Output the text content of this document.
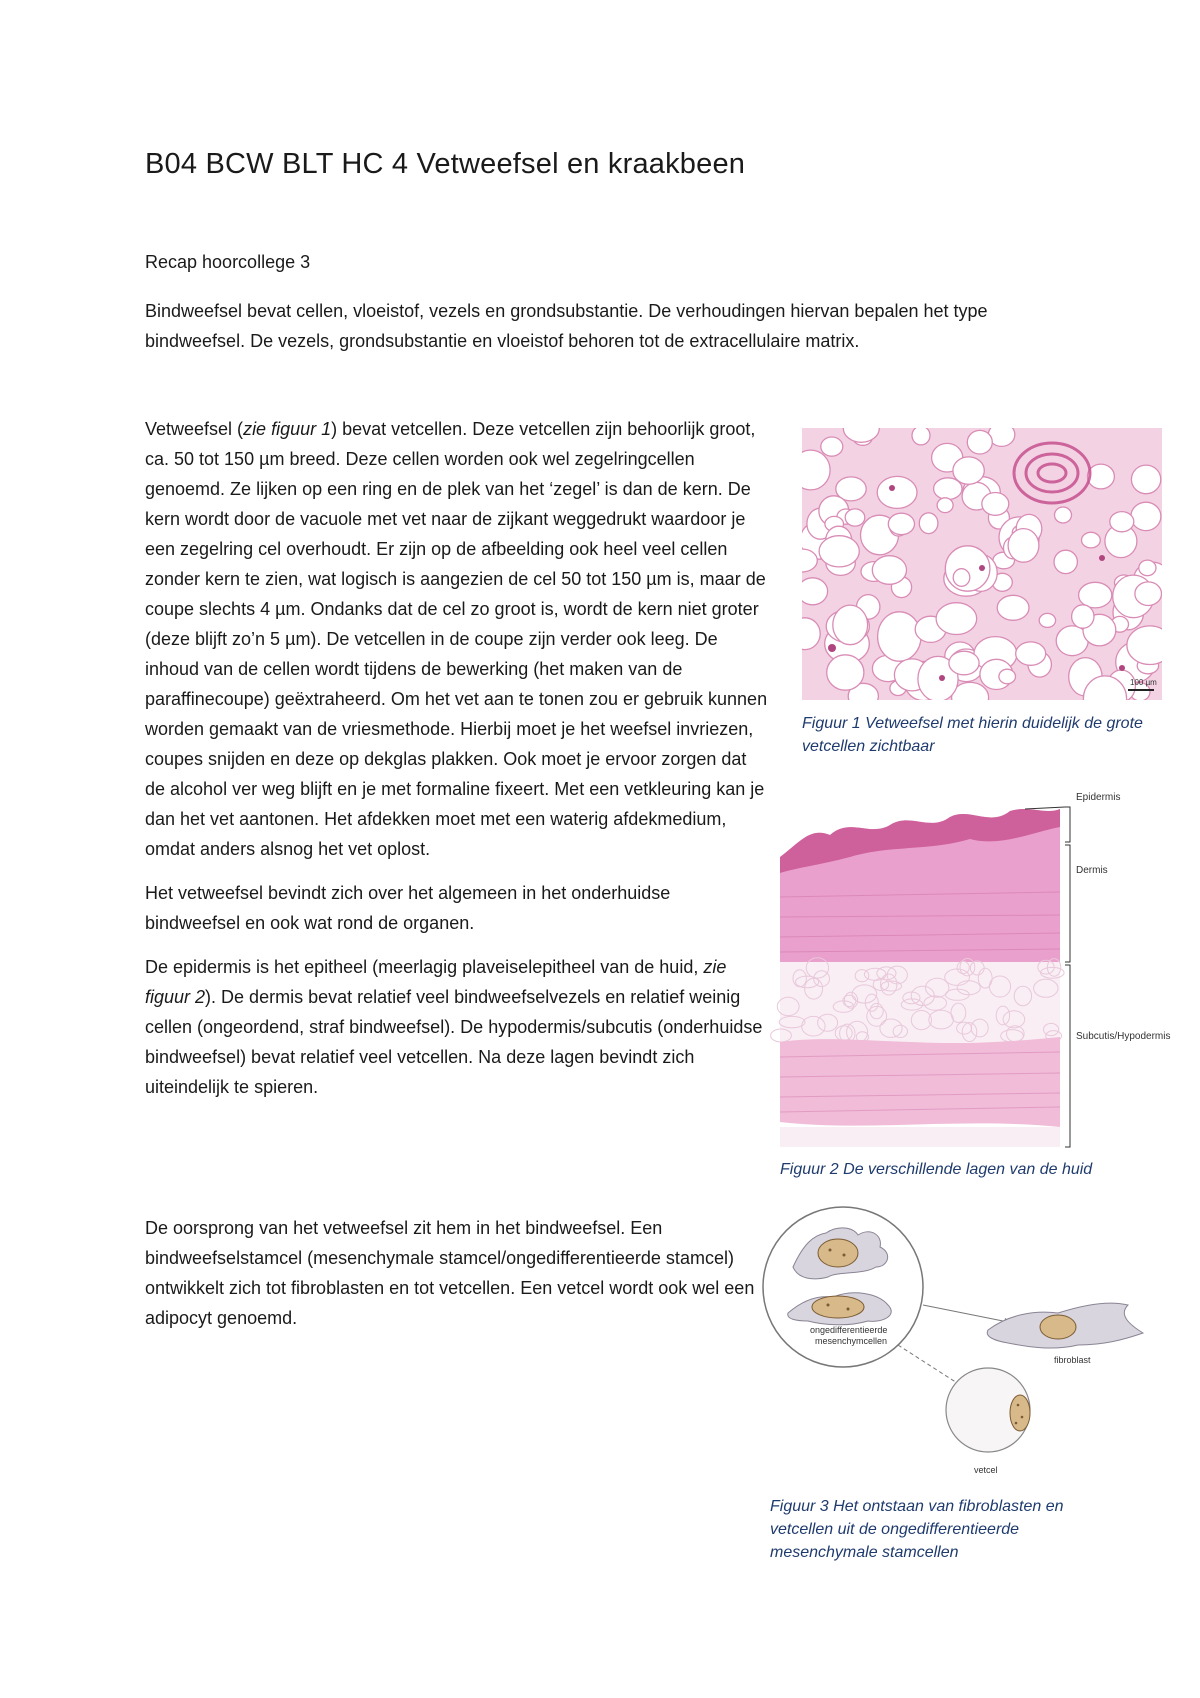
B04 BCW BLT HC 4 Vetweefsel en kraakbeen
Recap hoorcollege 3

Bindweefsel bevat cellen, vloeistof, vezels en grondsubstantie. De verhoudingen hiervan bepalen het type bindweefsel. De vezels, grondsubstantie en vloeistof behoren tot de extracellulaire matrix.

Vetweefsel (zie figuur 1) bevat vetcellen. Deze vetcellen zijn behoorlijk groot, ca. 50 tot 150 µm breed. Deze cellen worden ook wel zegelringcellen genoemd. Ze lijken op een ring en de plek van het ‘zegel’ is dan de kern. De kern wordt door de vacuole met vet naar de zijkant weggedrukt waardoor je een zegelring cel overhoudt. Er zijn op de afbeelding ook heel veel cellen zonder kern te zien, wat logisch is aangezien de cel 50 tot 150 µm is, maar de coupe slechts 4 µm. Ondanks dat de cel zo groot is, wordt de kern niet groter (deze blijft zo’n 5 µm). De vetcellen in de coupe zijn verder ook leeg. De inhoud van de cellen wordt tijdens de bewerking (het maken van de paraffinecoupe) geëxtraheerd. Om het vet aan te tonen zou er gebruik kunnen worden gemaakt van de vriesmethode. Hierbij moet je het weefsel invriezen, coupes snijden en deze op dekglas plakken. Ook moet je ervoor zorgen dat de alcohol ver weg blijft en je met formaline fixeert. Met een vetkleuring kan je dan het vet aantonen. Het afdekken moet met een waterig afdekmedium, omdat anders alsnog het vet oplost.

Het vetweefsel bevindt zich over het algemeen in het onderhuidse bindweefsel en ook wat rond de organen.

De epidermis is het epitheel (meerlagig plaveiselepitheel van de huid, zie figuur 2). De dermis bevat relatief veel bindweefselvezels en relatief weinig cellen (ongeordend, straf bindweefsel). De hypodermis/subcutis (onderhuidse bindweefsel) bevat relatief veel vetcellen. Na deze lagen bevindt zich uiteindelijk te spieren.

De oorsprong van het vetweefsel zit hem in het bindweefsel. Een bindweefselstamcel (mesenchymale stamcel/ongedifferentieerde stamcel) ontwikkelt zich tot fibroblasten en tot vetcellen. Een vetcel wordt ook wel een adipocyt genoemd.

100 µm
Figuur 1 Vetweefsel met hierin duidelijk de grote vetcellen zichtbaar
Epidermis
Dermis
Subcutis/Hypodermis
Figuur 2 De verschillende lagen van de huid
ongedifferentieerde
mesenchymcellen
fibroblast
vetcel
Figuur 3 Het ontstaan van fibroblasten en vetcellen uit de ongedifferentieerde mesenchymale stamcellen
